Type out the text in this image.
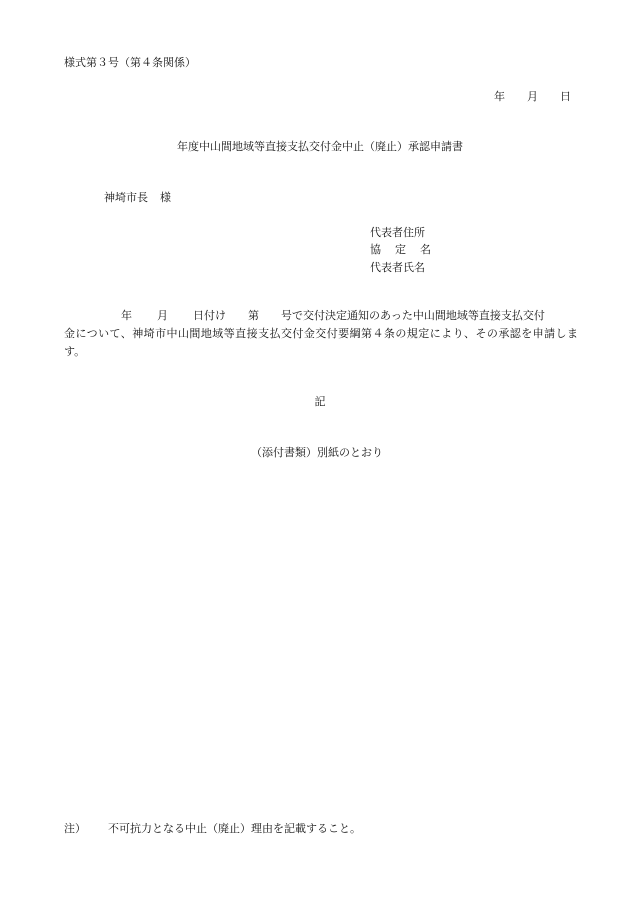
様式第３号（第４条関係）
年 月 日
年度中山間地域等直接支払交付金中止（廃止）承認申請書
神埼市長 様
代表者住所
協 定 名
代表者氏名
年 月 日付け 第 号で交付決定通知のあった中山間地域等直接支払交付
金について、神埼市中山間地域等直接支払交付金交付要綱第４条の規定により、その承認を申請します。
記
（添付書類）別紙のとおり
注） 不可抗力となる中止（廃止）理由を記載すること。
